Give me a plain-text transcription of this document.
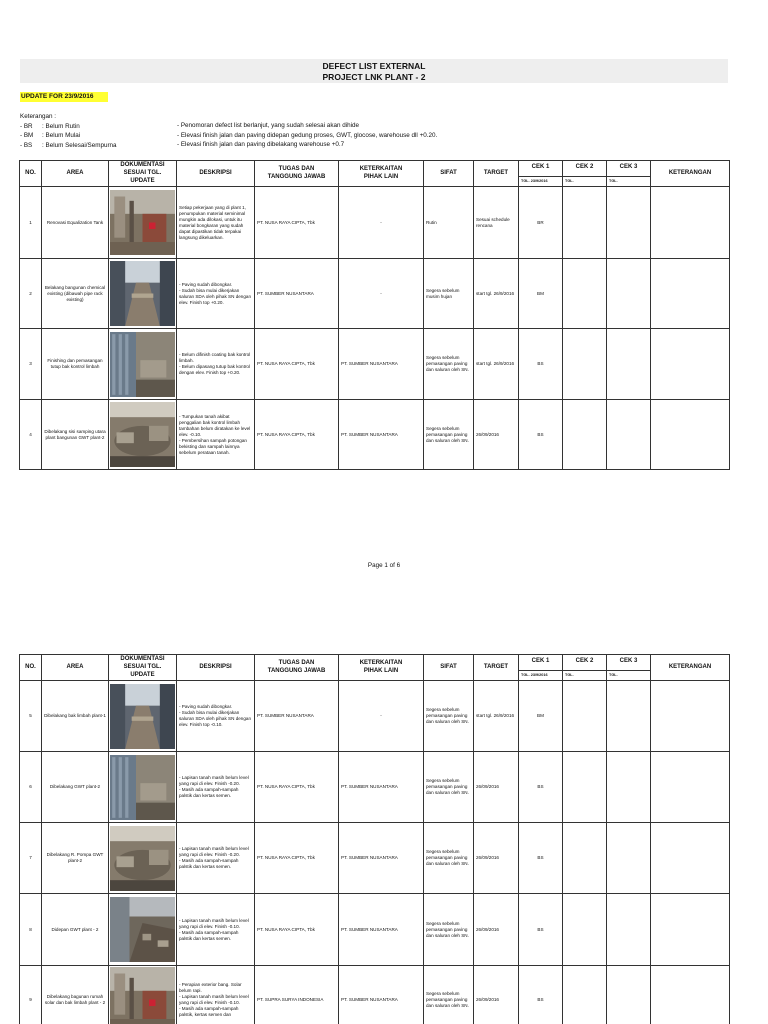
DEFECT LIST EXTERNAL
PROJECT LNK PLANT - 2
UPDATE FOR 23/9/2016
Keterangan :
- BR : Belum Rutin
- BM : Belum Mulai
- BS : Belum Selesai/Sempurna
- Penomoran defect list berlanjut, yang sudah selesai akan dihide
- Elevasi finish jalan dan paving didepan gedung proses, GWT, glocose, warehouse dll +0.20.
- Elevasi finish jalan dan paving dibelakang warehouse +0.7
NO.	AREA	DOKUMENTASI
SESUAI TGL. UPDATE	DESKRIPSI	TUGAS DAN
TANGGUNG JAWAB	KETERKAITAN
PIHAK LAIN	SIFAT	TARGET	CEK 1	CEK 2	CEK 3	KETERANGAN
								TGL. 23/9/2016	TGL.	TGL.	
1	Renovasi Equalization Tank		Setiap pekerjaan yang di plant 1, penumpukan material seminimal mungkin ada dilokasi, untuk itu material bongkaran yang sudah dapat dipastikan tidak terpakai langsung dikeluarkan.	PT. NUSA RAYA CIPTA, Tbk	-	Rutin	Sesuai schedule rencana	BR			
2	Belakang bangunan chemical existing (dibawah pipe rack existing)		- Paving sudah dibongkar.
- Sudah bisa mulai dikerjakan saluran SDA oleh pihak SN dengan elev. Finish top +0.20.	PT. SUMBER NUSANTARA	-	Segera sebelum musim hujan	start tgl. 26/9/2016	BM			
3	Finishing dan pemasangan tutup bak kontrol limbah		- Belum difinish coating bak kontrol limbah.
- Belum dipasang tutup bak kontrol dengan elev. Finish top +0.20.	PT. NUSA RAYA CIPTA, Tbk	PT. SUMBER NUSANTARA	Segera sebelum pemasangan paving dan saluran oleh SN.	start tgl. 26/9/2016	BS			
4	Dibelakang sisi samping utara plant bangunan GWT plant-2		- Tumpukan tanah akibat penggalian bak kontrol limbah tambahan belum diratakan ke level elev. -0.10.
- Pembersihan sampah potongan bekisting dan sampah lainnya sebelum perataan tanah.	PT. NUSA RAYA CIPTA, Tbk	PT. SUMBER NUSANTARA	Segera sebelum pemasangan paving dan saluran oleh SN.	26/09/2016	BS			
Page 1 of 6
NO.	AREA	DOKUMENTASI
SESUAI TGL. UPDATE	DESKRIPSI	TUGAS DAN
TANGGUNG JAWAB	KETERKAITAN
PIHAK LAIN	SIFAT	TARGET	CEK 1	CEK 2	CEK 3	KETERANGAN
								TGL. 23/9/2016	TGL.	TGL.	
5	Dibelakang bak limbah plant-1		- Paving sudah dibongkar.
- Sudah bisa mulai dikerjakan saluran SDA oleh pihak SN dengan elev. Finish top -0.10.	PT. SUMBER NUSANTARA	-	Segera sebelum pemasangan paving dan saluran oleh SN.	start tgl. 26/9/2016	BM			
6	Dibelakang GWT plant-2		- Lapisan tanah masih belum level yang rapi di elev. Finish -0.20.
- Masih ada sampah-sampah palstik dan kertas semen.	PT. NUSA RAYA CIPTA, Tbk	PT. SUMBER NUSANTARA	Segera sebelum pemasangan paving dan saluran oleh SN.	26/09/2016	BS			
7	Dibelakang R. Pompa GWT plant-2		- Lapisan tanah masih belum level yang rapi di elev. Finish -0.20.
- Masih ada sampah-sampah palstik dan kertas semen.	PT. NUSA RAYA CIPTA, Tbk	PT. SUMBER NUSANTARA	Segera sebelum pemasangan paving dan saluran oleh SN.	26/09/2016	BS			
8	Didepan GWT plant - 2		- Lapisan tanah masih belum level yang rapi di elev. Finish -0.10.
- Masih ada sampah-sampah palstik dan kertas semen.	PT. NUSA RAYA CIPTA, Tbk	PT. SUMBER NUSANTARA	Segera sebelum pemasangan paving dan saluran oleh SN.	26/09/2016	BS			
9	Dibelakang bagunan rumah solar dan bak limbah plant - 2		- Perapian exterior bang. Solar belum rapi.
- Lapisan tanah masih belum level yang rapi di elev. Finish -0.10.
- Masih ada sampah-sampah palstik, kertas semen dan	PT. SUPRA SURYA INDONESIA	PT. SUMBER NUSANTARA	Segera sebelum pemasangan paving dan saluran oleh SN.	26/09/2016	BS			
